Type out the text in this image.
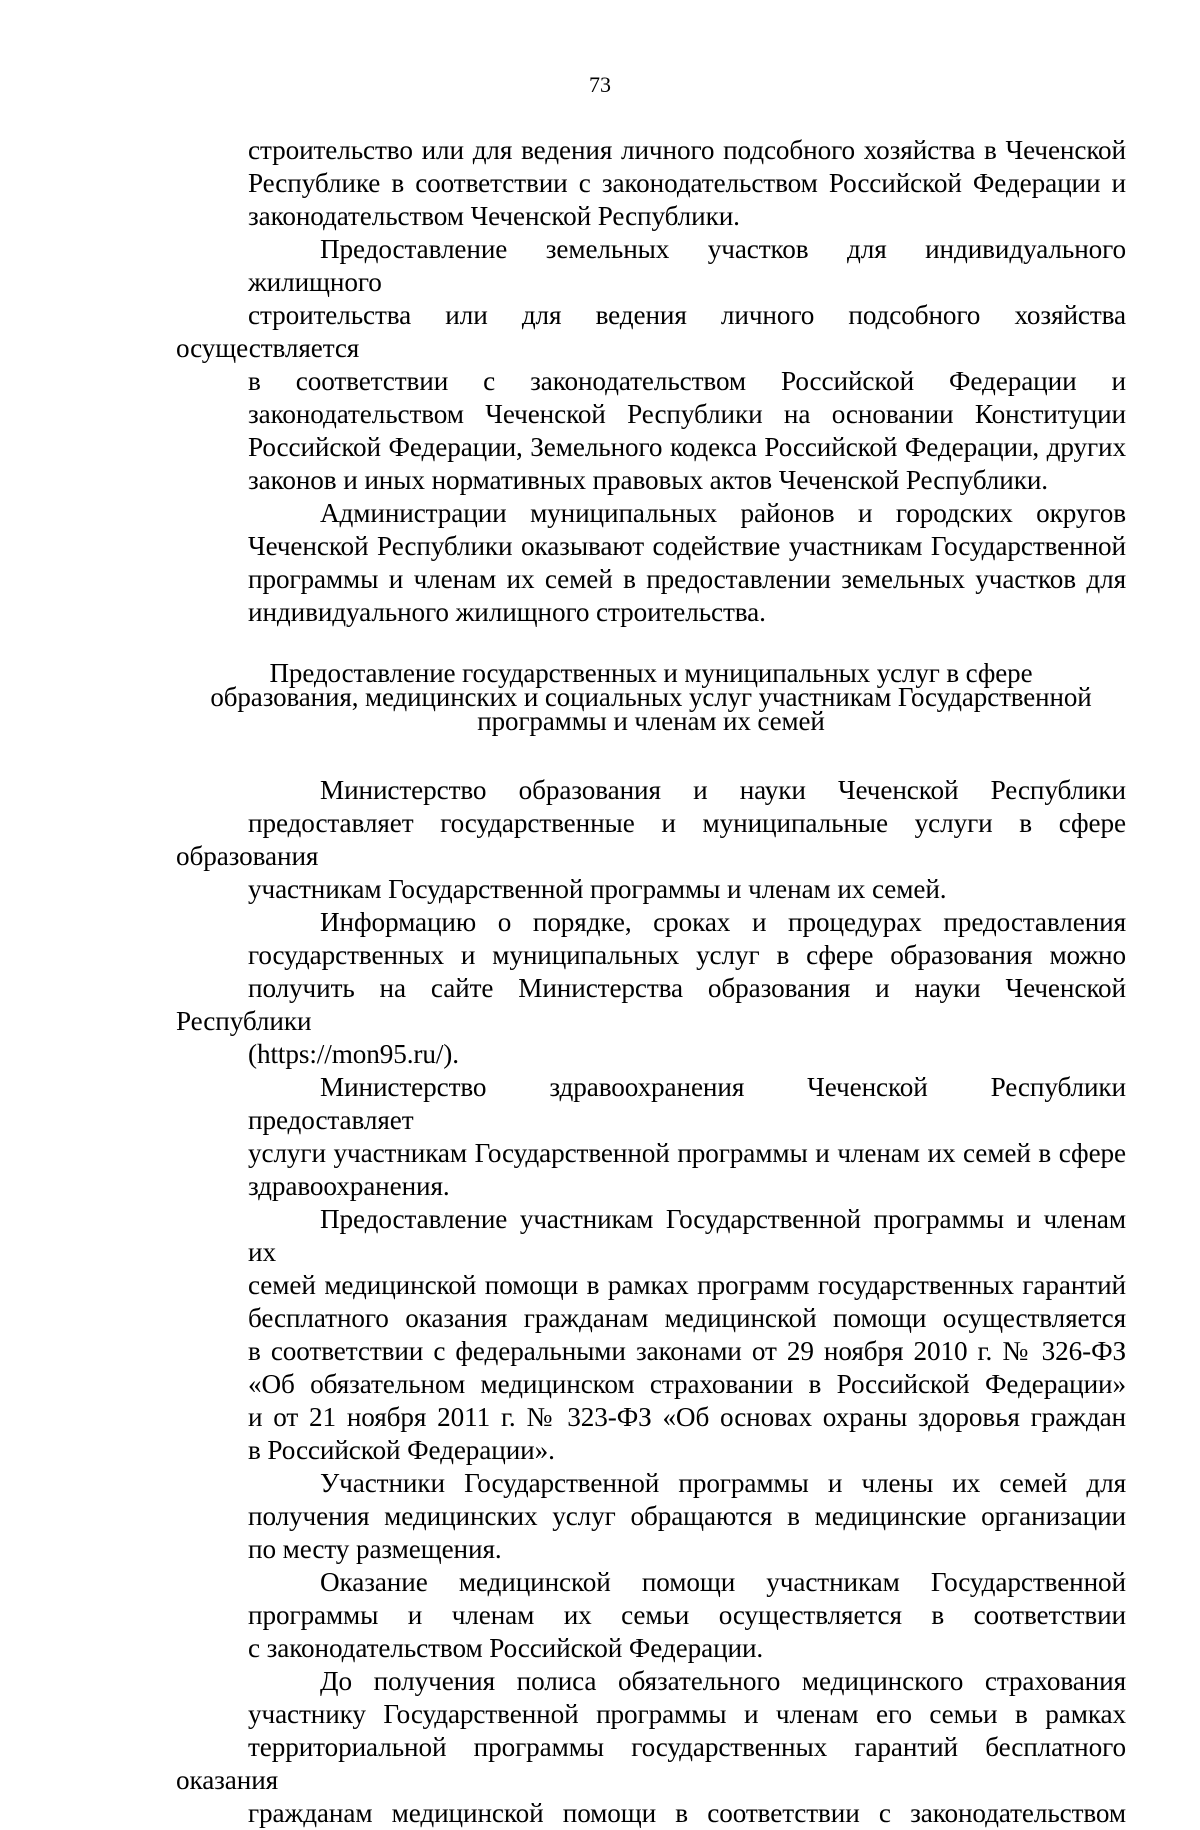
73

строительство или для ведения личного подсобного хозяйства в Чеченской
Республике в соответствии с законодательством Российской Федерации и
законодательством Чеченской Республики.

Предоставление земельных участков для индивидуального жилищного
строительства или для ведения личного подсобного хозяйства осуществляется
в соответствии с законодательством Российской Федерации и
законодательством Чеченской Республики на основании Конституции
Российской Федерации, Земельного кодекса Российской Федерации, других
законов и иных нормативных правовых актов Чеченской Республики.

Администрации муниципальных районов и городских округов
Чеченской Республики оказывают содействие участникам Государственной
программы и членам их семей в предоставлении земельных участков для
индивидуального жилищного строительства.

Предоставление государственных и муниципальных услуг в сфере
образования, медицинских и социальных услуг участникам Государственной
программы и членам их семей

Министерство образования и науки Чеченской Республики
предоставляет государственные и муниципальные услуги в сфере образования
участникам Государственной программы и членам их семей.

Информацию о порядке, сроках и процедурах предоставления
государственных и муниципальных услуг в сфере образования можно
получить на сайте Министерства образования и науки Чеченской Республики
(https://mon95.ru/).

Министерство здравоохранения Чеченской Республики предоставляет
услуги участникам Государственной программы и членам их семей в сфере
здравоохранения.

Предоставление участникам Государственной программы и членам их
семей медицинской помощи в рамках программ государственных гарантий
бесплатного оказания гражданам медицинской помощи осуществляется
в соответствии с федеральными законами от 29 ноября 2010 г. № 326-ФЗ
«Об обязательном медицинском страховании в Российской Федерации»
и от 21 ноября 2011 г. № 323-ФЗ «Об основах охраны здоровья граждан
в Российской Федерации».

Участники Государственной программы и члены их семей для
получения медицинских услуг обращаются в медицинские организации
по месту размещения.

Оказание медицинской помощи участникам Государственной
программы и членам их семьи осуществляется в соответствии
с законодательством Российской Федерации.

До получения полиса обязательного медицинского страхования
участнику Государственной программы и членам его семьи в рамках
территориальной программы государственных гарантий бесплатного оказания
гражданам медицинской помощи в соответствии с законодательством
